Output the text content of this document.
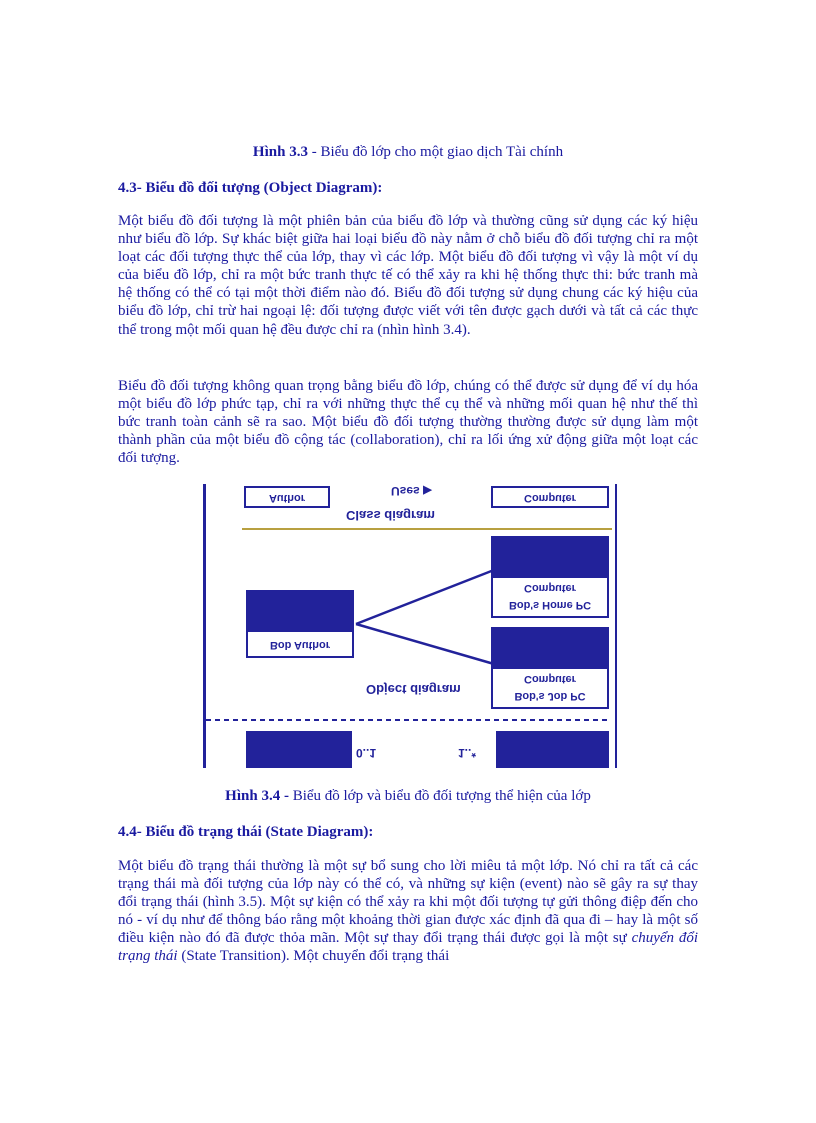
Hình 3.3 - Biểu đồ lớp cho một giao dịch Tài chính
4.3- Biểu đồ đối tượng (Object Diagram):
Một biểu đồ đối tượng là một phiên bản của biểu đồ lớp và thường cũng sử dụng các ký hiệu như biểu đồ lớp. Sự khác biệt giữa hai loại biểu đồ này nằm ở chỗ biểu đồ đối tượng chỉ ra một loạt các đối tượng thực thể của lớp, thay vì các lớp. Một biểu đồ đối tượng vì vậy là một ví dụ của biểu đồ lớp, chỉ ra một bức tranh thực tế có thể xảy ra khi hệ thống thực thi: bức tranh mà hệ thống có thể có tại một thời điểm nào đó. Biểu đồ đối tượng sử dụng chung các ký hiệu của biểu đồ lớp, chỉ trừ hai ngoại lệ: đối tượng được viết với tên được gạch dưới và tất cả các thực thể trong một mối quan hệ đều được chỉ ra (nhìn hình 3.4).
Biểu đồ đối tượng không quan trọng bằng biểu đồ lớp, chúng có thể được sử dụng để ví dụ hóa một biểu đồ lớp phức tạp, chỉ ra với những thực thể cụ thể và những mối quan hệ như thế thì bức tranh toàn cảnh sẽ ra sao. Một biểu đồ đối tượng thường thường được sử dụng làm một thành phần của một biểu đồ cộng tác (collaboration), chỉ ra lối ứng xử động giữa một loạt các đối tượng.
Author	Uses ▶	Computer
Class diagram
Computer
Bob's Home PC
Bob Author
Computer
Bob's Job PC
Object diagram
0..1	1..*
Hình 3.4 - Biểu đồ lớp và biểu đồ đối tượng thể hiện của lớp
4.4- Biểu đồ trạng thái (State Diagram):
Một biểu đồ trạng thái thường là một sự bổ sung cho lời miêu tả một lớp. Nó chỉ ra tất cả các trạng thái mà đối tượng của lớp này có thể có, và những sự kiện (event) nào sẽ gây ra sự thay đổi trạng thái (hình 3.5). Một sự kiện có thể xảy ra khi một đối tượng tự gửi thông điệp đến cho nó - ví dụ như để thông báo rằng một khoảng thời gian được xác định đã qua đi – hay là một số điều kiện nào đó đã được thỏa mãn. Một sự thay đổi trạng thái được gọi là một sự chuyển đổi trạng thái (State Transition). Một chuyển đổi trạng thái
